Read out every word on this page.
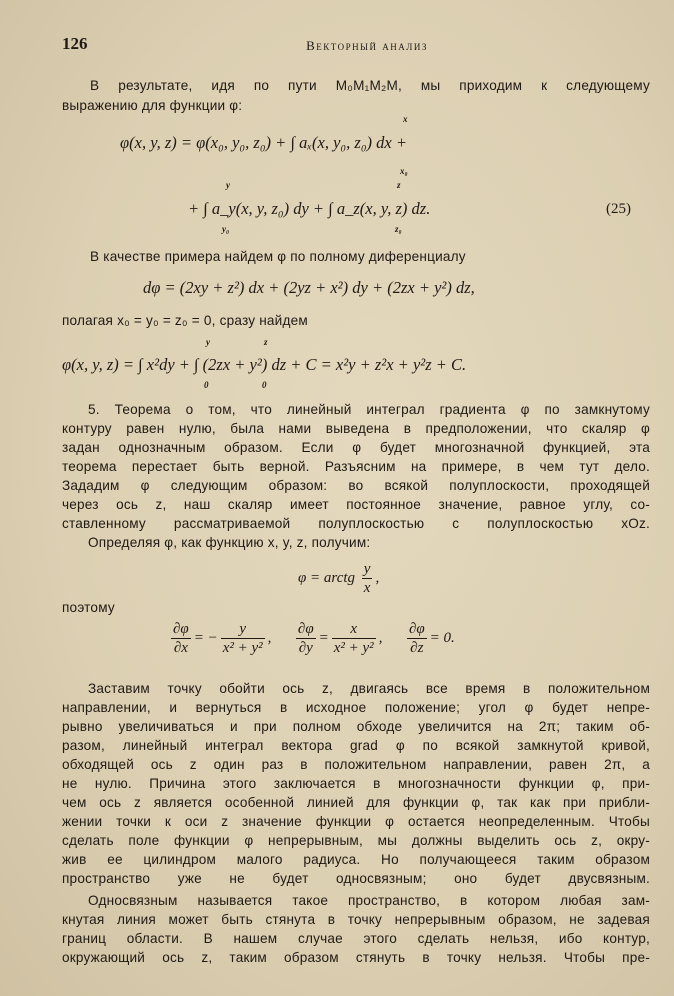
126	Векторный анализ
В результате, идя по пути M₀M₁M₂M, мы приходим к следующему
выражению для функции φ:
x
φ(x, y, z) = φ(x₀, y₀, z₀) + ∫ aₓ(x, y₀, z₀) dx +
x₀
y	z
+ ∫ a_y(x, y, z₀) dy + ∫ a_z(x, y, z) dz.	(25)
y₀	z₀
В качестве примера найдем φ по полному диференциалу
dφ = (2xy + z²) dx + (2yz + x²) dy + (2zx + y²) dz,
полагая x₀ = y₀ = z₀ = 0, сразу найдем
y	z
φ(x, y, z) = ∫ x²dy + ∫ (2zx + y²) dz + C = x²y + z²x + y²z + C.
0	0
5. Теорема о том, что линейный интеграл градиента φ по замкнутому
контуру равен нулю, была нами выведена в предположении, что скаляр φ
задан однозначным образом. Если φ будет многозначной функцией, эта
теорема перестает быть верной. Разъясним на примере, в чем тут дело.
Зададим φ следующим образом: во всякой полуплоскости, проходящей
через ось z, наш скаляр имеет постоянное значение, равное углу, со-
ставленному рассматриваемой полуплоскостью с полуплоскостью xOz.
Определяя φ, как функцию x, y, z, получим:
φ = arctg $\frac{y}{x}$ ,
поэтому
$\frac{\partial\varphi}{\partial x}$ = − $\frac{y}{\text{x² + y²}}$ , $\frac{\partial\varphi}{\partial y} = \frac{x}{\text{x² + y²}}$ , $\frac{\partial\varphi}{\partial z} = 0$.
Заставим точку обойти ось z, двигаясь все время в положительном
направлении, и вернуться в исходное положение; угол φ будет непре-
рывно увеличиваться и при полном обходе увеличится на 2π; таким об-
разом, линейный интеграл вектора grad φ по всякой замкнутой кривой,
обходящей ось z один раз в положительном направлении, равен 2π, а
не нулю. Причина этого заключается в многозначности функции φ, при-
чем ось z является особенной линией для функции φ, так как при прибли-
жении точки к оси z значение функции φ остается неопределенным. Чтобы
сделать поле функции φ непрерывным, мы должны выделить ось z, окру-
жив ее цилиндром малого радиуса. Но получающееся таким образом
пространство уже не будет односвязным; оно будет двусвязным.
Односвязным называется такое пространство, в котором любая зам-
кнутая линия может быть стянута в точку непрерывным образом, не задевая
границ области. В нашем случае этого сделать нельзя, ибо контур,
окружающий ось z, таким образом стянуть в точку нельзя. Чтобы пре-
